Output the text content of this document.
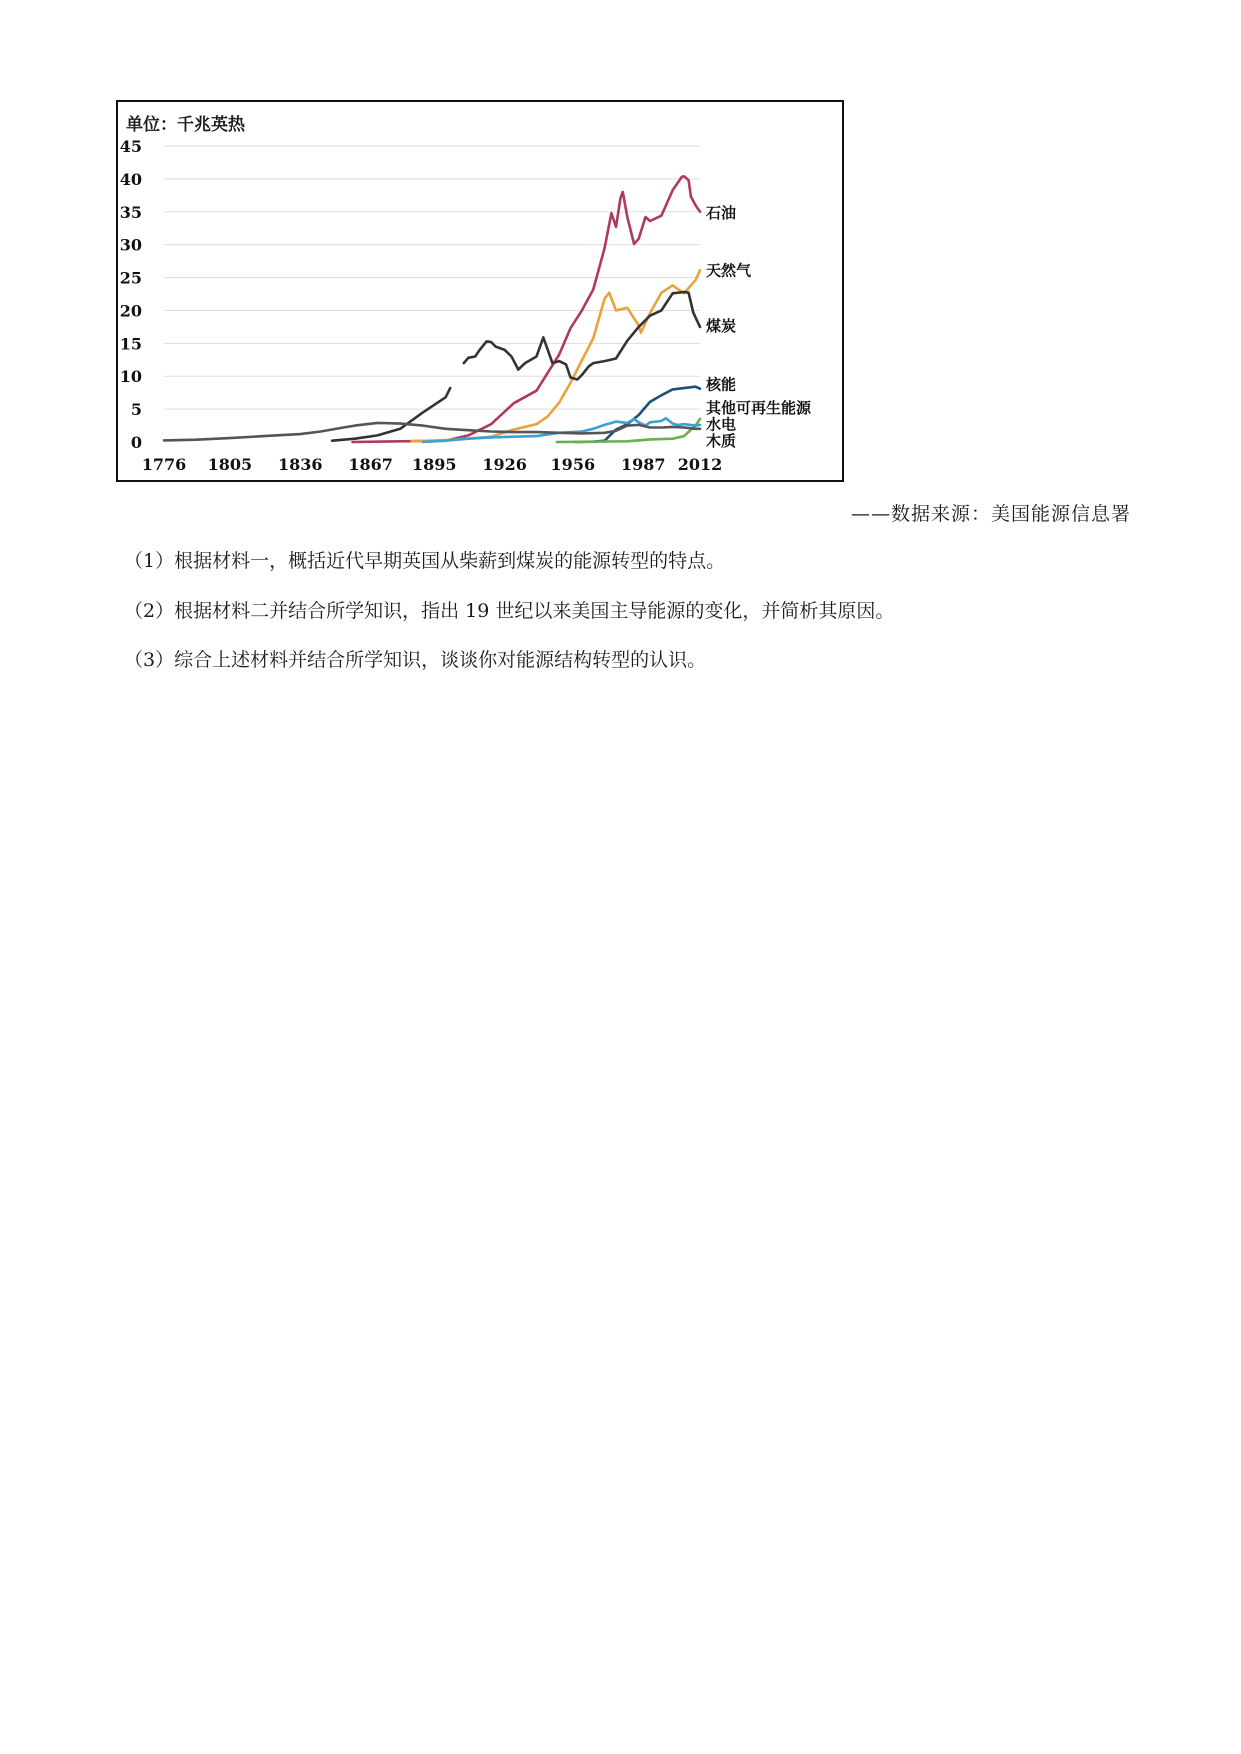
0
5
10
15
20
25
30
35
40
45
1776 1805 1836 1867 1895 1926 1956 1987 2012
石油
天然气
煤炭
核能
其他可再生能源
水电
木质
单位：千兆英热
——数据来源：美国能源信息署
（1）根据材料一，概括近代早期英国从柴薪到煤炭的能源转型的特点。
（2）根据材料二并结合所学知识，指出 19 世纪以来美国主导能源的变化，并简析其原因。
（3）综合上述材料并结合所学知识，谈谈你对能源结构转型的认识。
